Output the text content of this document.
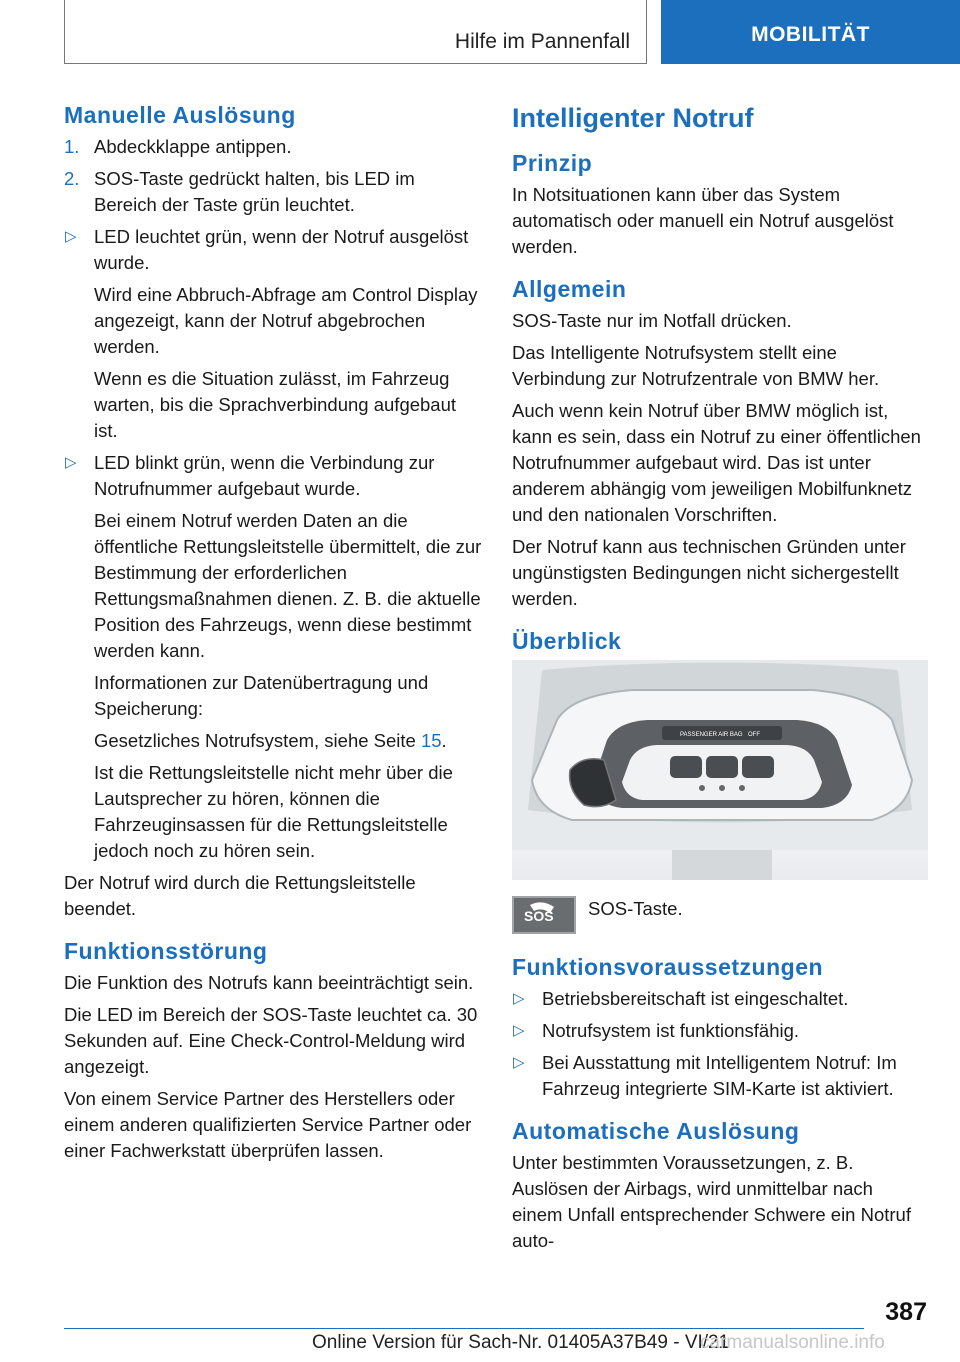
Hilfe im Pannenfall	MOBILITÄT
Manuelle Auslösung
1. Abdeckklappe antippen.
2. SOS-Taste gedrückt halten, bis LED im Bereich der Taste grün leuchtet.
▷ LED leuchtet grün, wenn der Notruf ausgelöst wurde.

Wird eine Abbruch-Abfrage am Control Display angezeigt, kann der Notruf abgebrochen werden.

Wenn es die Situation zulässt, im Fahrzeug warten, bis die Sprachverbindung aufgebaut ist.

▷ LED blinkt grün, wenn die Verbindung zur Notrufnummer aufgebaut wurde.

Bei einem Notruf werden Daten an die öffentliche Rettungsleitstelle übermittelt, die zur Bestimmung der erforderlichen Rettungsmaßnahmen dienen. Z. B. die aktuelle Position des Fahrzeugs, wenn diese bestimmt werden kann.

Informationen zur Datenübertragung und Speicherung:

Gesetzliches Notrufsystem, siehe Seite 15.

Ist die Rettungsleitstelle nicht mehr über die Lautsprecher zu hören, können die Fahrzeuginsassen für die Rettungsleitstelle jedoch noch zu hören sein.

Der Notruf wird durch die Rettungsleitstelle beendet.

Funktionsstörung

Die Funktion des Notrufs kann beeinträchtigt sein.

Die LED im Bereich der SOS-Taste leuchtet ca. 30 Sekunden auf. Eine Check-Control-Meldung wird angezeigt.

Von einem Service Partner des Herstellers oder einem anderen qualifizierten Service Partner oder einer Fachwerkstatt überprüfen lassen.

Intelligenter Notruf
Prinzip

In Notsituationen kann über das System automatisch oder manuell ein Notruf ausgelöst werden.

Allgemein

SOS-Taste nur im Notfall drücken.

Das Intelligente Notrufsystem stellt eine Verbindung zur Notrufzentrale von BMW her.

Auch wenn kein Notruf über BMW möglich ist, kann es sein, dass ein Notruf zu einer öffentlichen Notrufnummer aufgebaut wird. Das ist unter anderem abhängig vom jeweiligen Mobilfunknetz und den nationalen Vorschriften.

Der Notruf kann aus technischen Gründen unter ungünstigsten Bedingungen nicht sichergestellt werden.

Überblick
PASSENGER AIR BAG OFF
SOS SOS-Taste.
Funktionsvoraussetzungen
▷ Betriebsbereitschaft ist eingeschaltet.
▷ Notrufsystem ist funktionsfähig.
▷ Bei Ausstattung mit Intelligentem Notruf: Im Fahrzeug integrierte SIM-Karte ist aktiviert.
Automatische Auslösung

Unter bestimmten Voraussetzungen, z. B. Auslösen der Airbags, wird unmittelbar nach einem Unfall entsprechender Schwere ein Notruf auto-

387
Online Version für Sach-Nr. 01405A37B49 - VI/21
carmanualsonline.info
